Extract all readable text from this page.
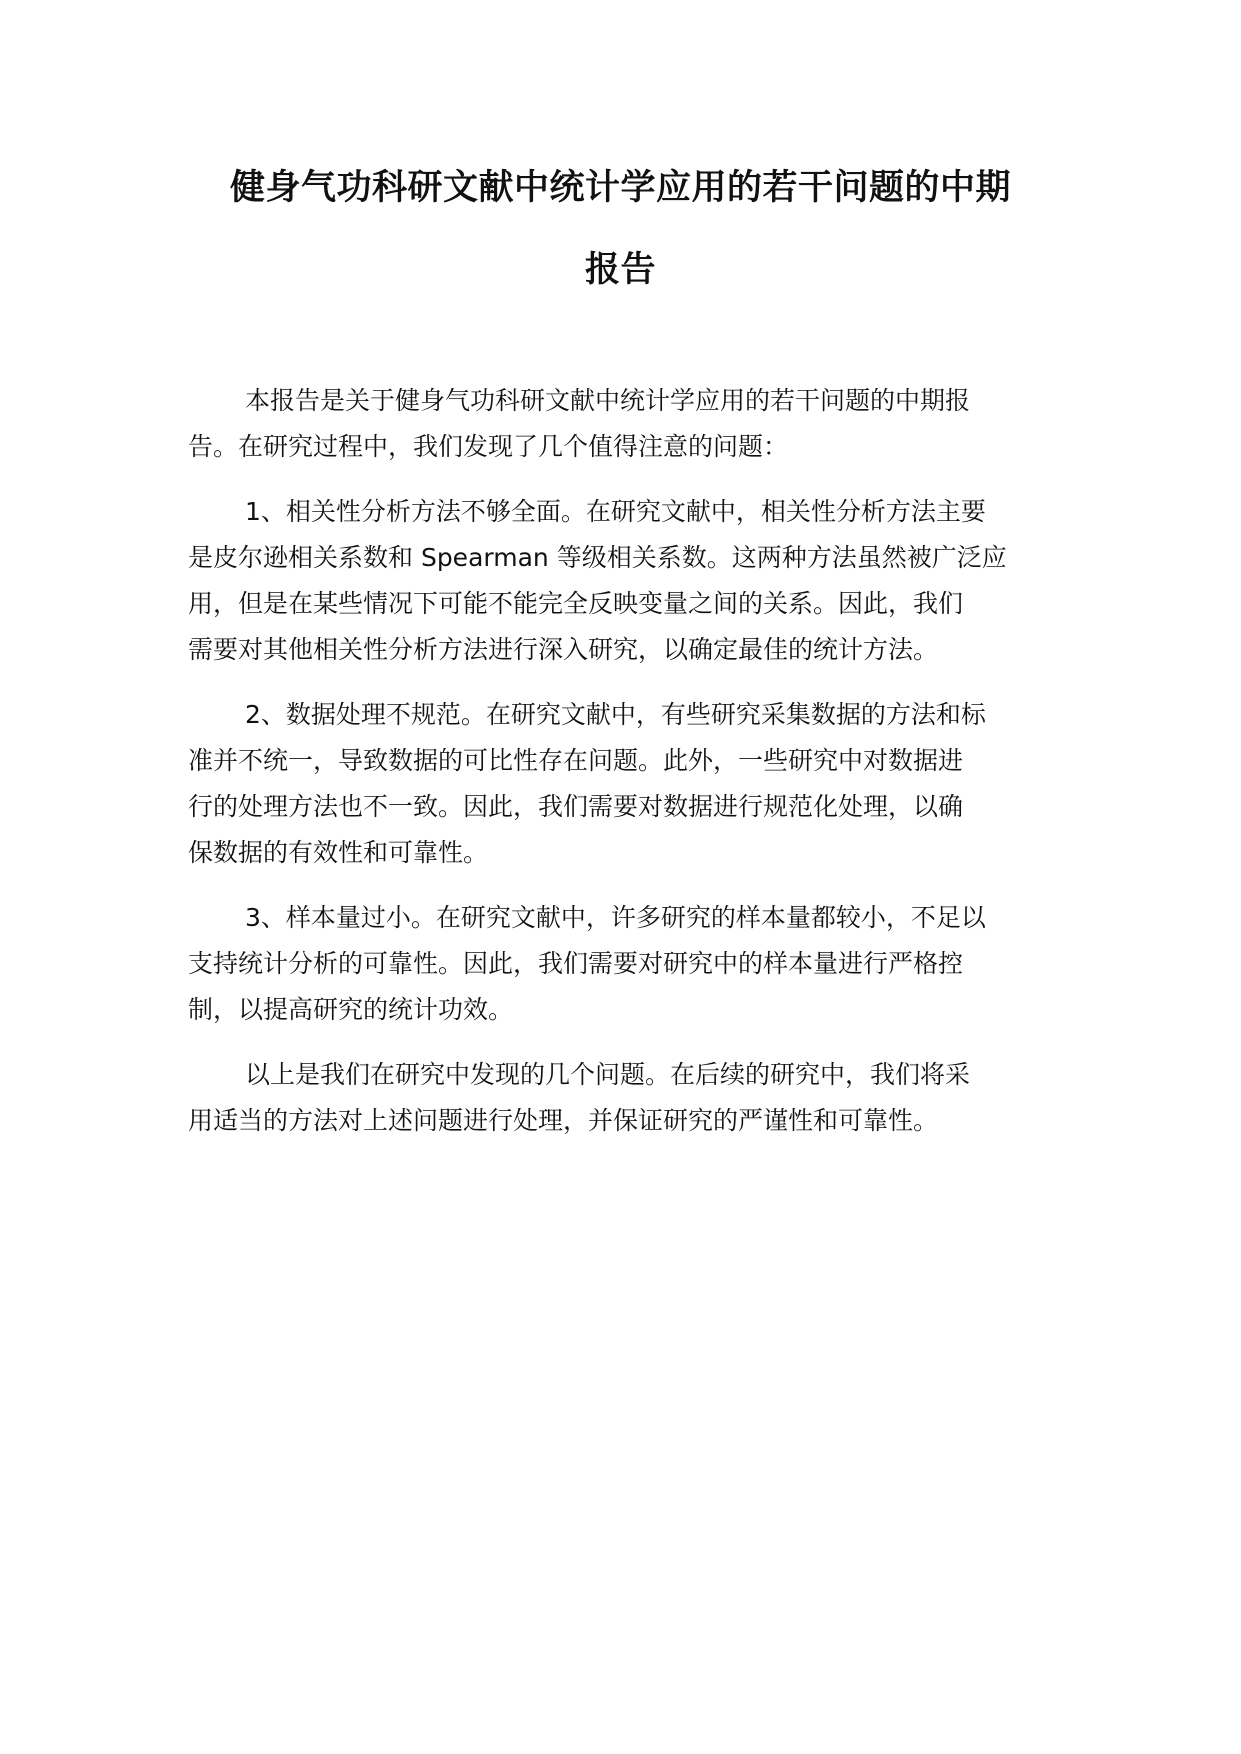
健身气功科研文献中统计学应用的若干问题的中期
报告

本报告是关于健身气功科研文献中统计学应用的若干问题的中期报
告。在研究过程中，我们发现了几个值得注意的问题：

1、相关性分析方法不够全面。在研究文献中，相关性分析方法主要
是皮尔逊相关系数和 Spearman 等级相关系数。这两种方法虽然被广泛应
用，但是在某些情况下可能不能完全反映变量之间的关系。因此，我们
需要对其他相关性分析方法进行深入研究，以确定最佳的统计方法。

2、数据处理不规范。在研究文献中，有些研究采集数据的方法和标
准并不统一，导致数据的可比性存在问题。此外，一些研究中对数据进
行的处理方法也不一致。因此，我们需要对数据进行规范化处理，以确
保数据的有效性和可靠性。

3、样本量过小。在研究文献中，许多研究的样本量都较小，不足以
支持统计分析的可靠性。因此，我们需要对研究中的样本量进行严格控
制，以提高研究的统计功效。

以上是我们在研究中发现的几个问题。在后续的研究中，我们将采
用适当的方法对上述问题进行处理，并保证研究的严谨性和可靠性。
